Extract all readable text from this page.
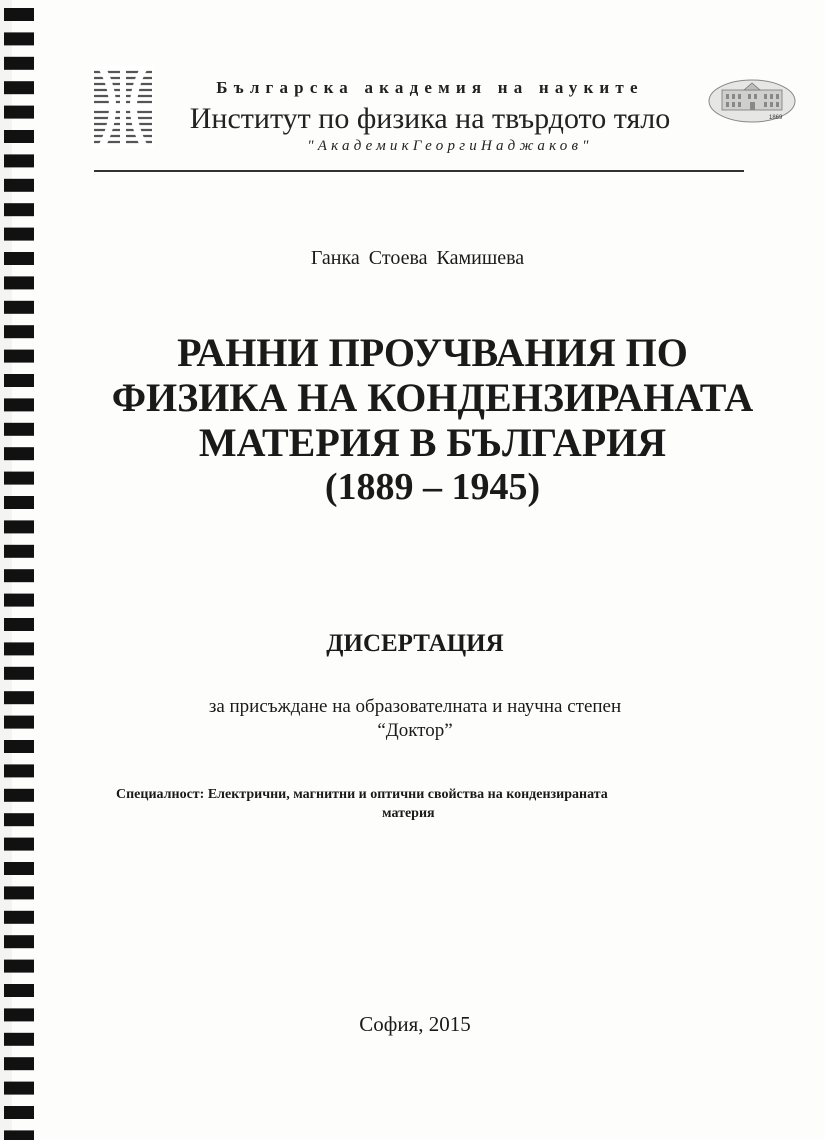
1869
Българска академия на науките
Институт по физика на твърдото тяло
"АкадемикГеоргиНаджаков"
Ганка Стоева Камишева
РАННИ ПРОУЧВАНИЯ ПО
ФИЗИКА НА КОНДЕНЗИРАНАТА
МАТЕРИЯ В БЪЛГАРИЯ
(1889 – 1945)
ДИСЕРТАЦИЯ
за присъждане на образователната и научна степен
“Доктор”
Специалност: Електрични, магнитни и оптични свойства на кондензираната
материя
София, 2015
